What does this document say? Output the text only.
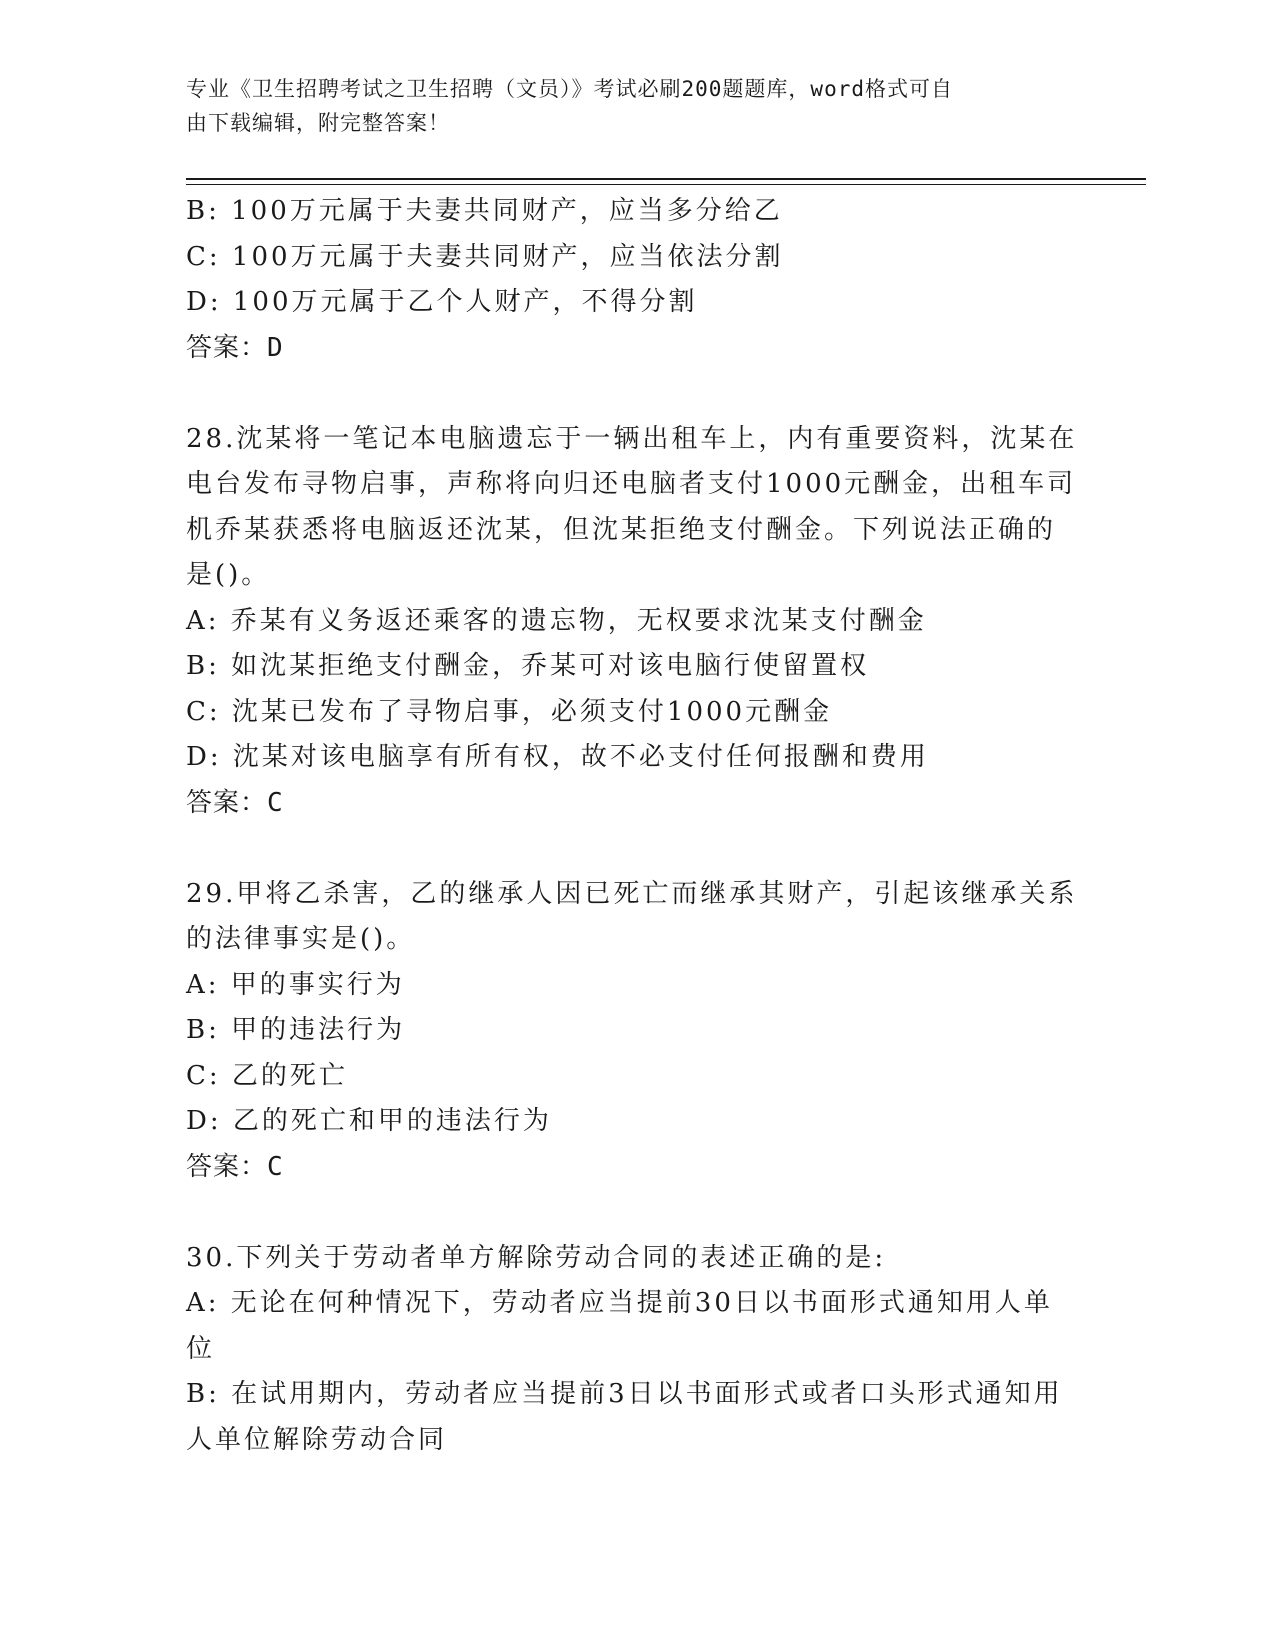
专业《卫生招聘考试之卫生招聘（文员）》考试必刷200题题库，word格式可自
由下载编辑，附完整答案！
B: 100万元属于夫妻共同财产，应当多分给乙
C: 100万元属于夫妻共同财产，应当依法分割
D: 100万元属于乙个人财产，不得分割
答案：D
28.沈某将一笔记本电脑遗忘于一辆出租车上，内有重要资料，沈某在
电台发布寻物启事，声称将向归还电脑者支付1000元酬金，出租车司
机乔某获悉将电脑返还沈某，但沈某拒绝支付酬金。下列说法正确的
是()。
A: 乔某有义务返还乘客的遗忘物，无权要求沈某支付酬金
B: 如沈某拒绝支付酬金，乔某可对该电脑行使留置权
C: 沈某已发布了寻物启事，必须支付1000元酬金
D: 沈某对该电脑享有所有权，故不必支付任何报酬和费用
答案：C
29.甲将乙杀害，乙的继承人因已死亡而继承其财产，引起该继承关系
的法律事实是()。
A: 甲的事实行为
B: 甲的违法行为
C: 乙的死亡
D: 乙的死亡和甲的违法行为
答案：C
30.下列关于劳动者单方解除劳动合同的表述正确的是:
A: 无论在何种情况下，劳动者应当提前30日以书面形式通知用人单
位
B: 在试用期内，劳动者应当提前3日以书面形式或者口头形式通知用
人单位解除劳动合同
